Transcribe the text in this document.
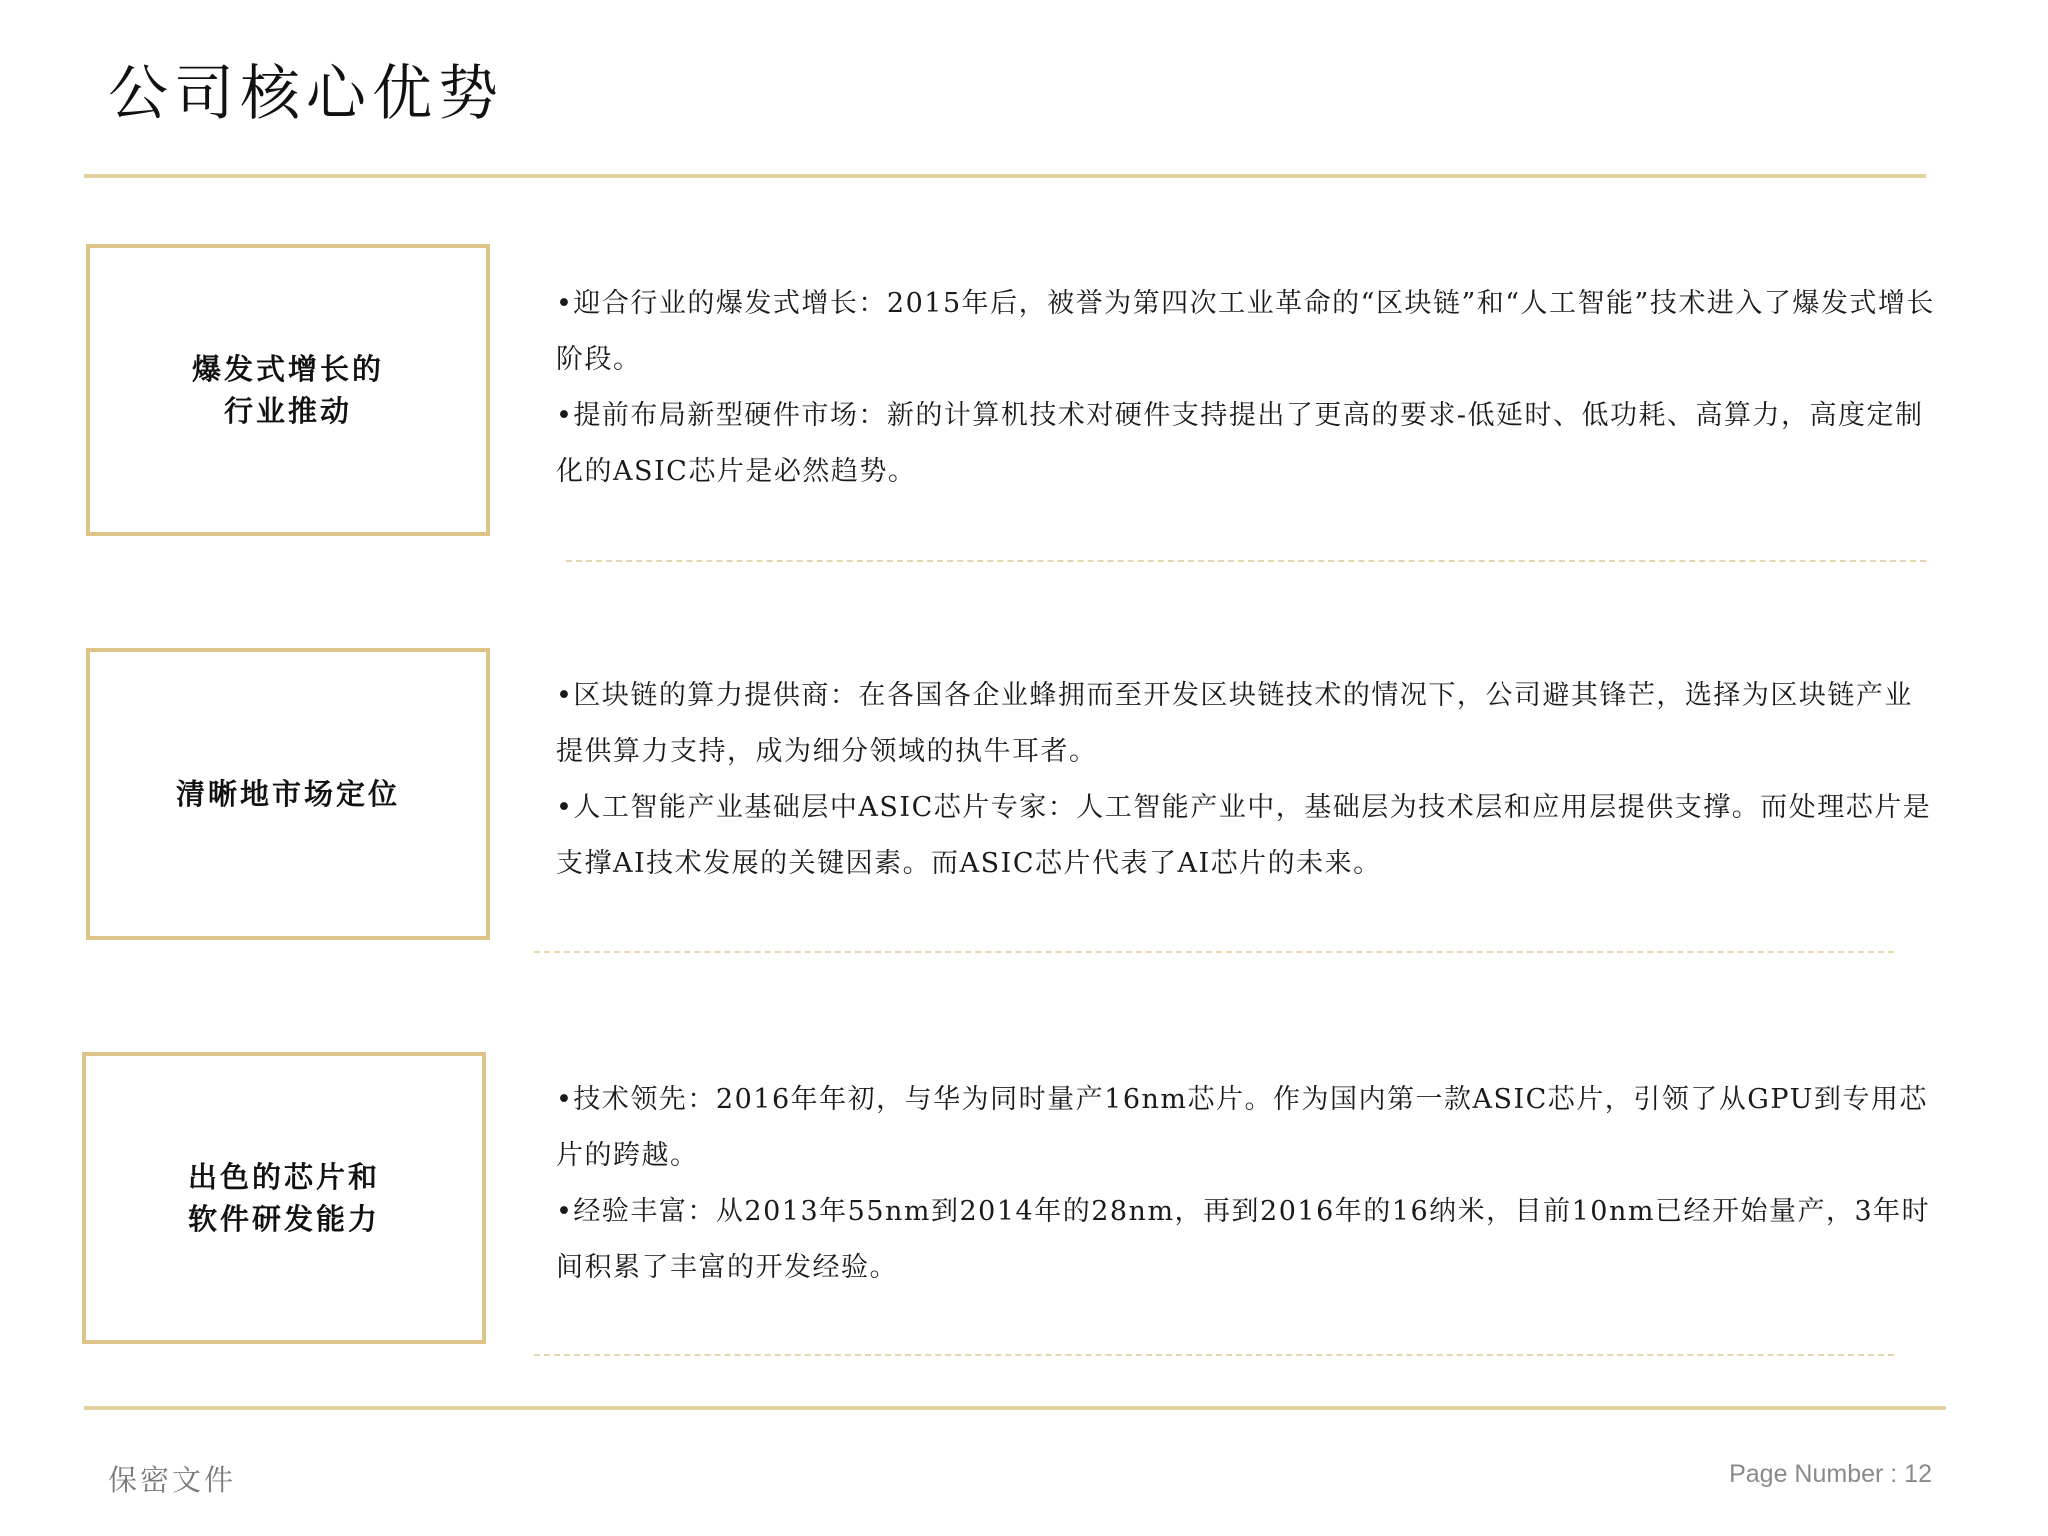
公司核心优势
爆发式增长的
行业推动
•迎合行业的爆发式增长：2015年后，被誉为第四次工业革命的“区块链”和“人工智能”技术进入了爆发式增长阶段。
•提前布局新型硬件市场：新的计算机技术对硬件支持提出了更高的要求-低延时、低功耗、高算力，高度定制化的ASIC芯片是必然趋势。
清晰地市场定位
•区块链的算力提供商：在各国各企业蜂拥而至开发区块链技术的情况下，公司避其锋芒，选择为区块链产业提供算力支持，成为细分领域的执牛耳者。
•人工智能产业基础层中ASIC芯片专家：人工智能产业中，基础层为技术层和应用层提供支撑。而处理芯片是支撑AI技术发展的关键因素。而ASIC芯片代表了AI芯片的未来。
出色的芯片和
软件研发能力
•技术领先：2016年年初，与华为同时量产16nm芯片。作为国内第一款ASIC芯片，引领了从GPU到专用芯片的跨越。
•经验丰富：从2013年55nm到2014年的28nm，再到2016年的16纳米，目前10nm已经开始量产，3年时间积累了丰富的开发经验。
保密文件	Page Number : 12
